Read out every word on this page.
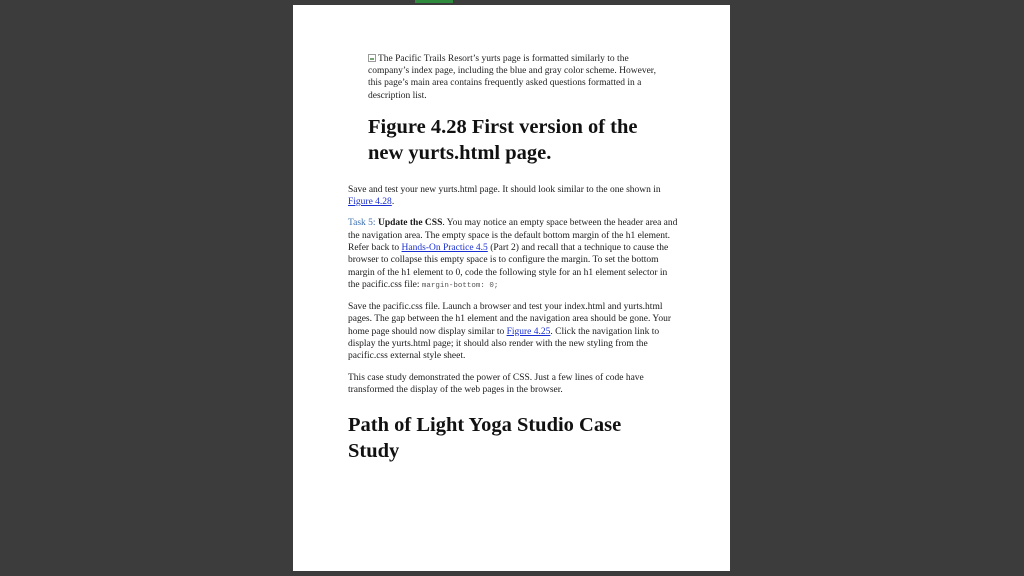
The Pacific Trails Resort’s yurts page is formatted similarly to the company’s index page, including the blue and gray color scheme. However, this page’s main area contains frequently asked questions formatted in a description list.
Figure 4.28 First version of the new yurts.html page.

Save and test your new yurts.html page. It should look similar to the one shown in Figure 4.28.

Task 5: Update the CSS. You may notice an empty space between the header area and the navigation area. The empty space is the default bottom margin of the h1 element. Refer back to Hands-On Practice 4.5 (Part 2) and recall that a technique to cause the browser to collapse this empty space is to configure the margin. To set the bottom margin of the h1 element to 0, code the following style for an h1 element selector in the pacific.css file: margin-bottom: 0;

Save the pacific.css file. Launch a browser and test your index.html and yurts.html pages. The gap between the h1 element and the navigation area should be gone. Your home page should now display similar to Figure 4.25. Click the navigation link to display the yurts.html page; it should also render with the new styling from the pacific.css external style sheet.

This case study demonstrated the power of CSS. Just a few lines of code have transformed the display of the web pages in the browser.

Path of Light Yoga Studio Case Study
